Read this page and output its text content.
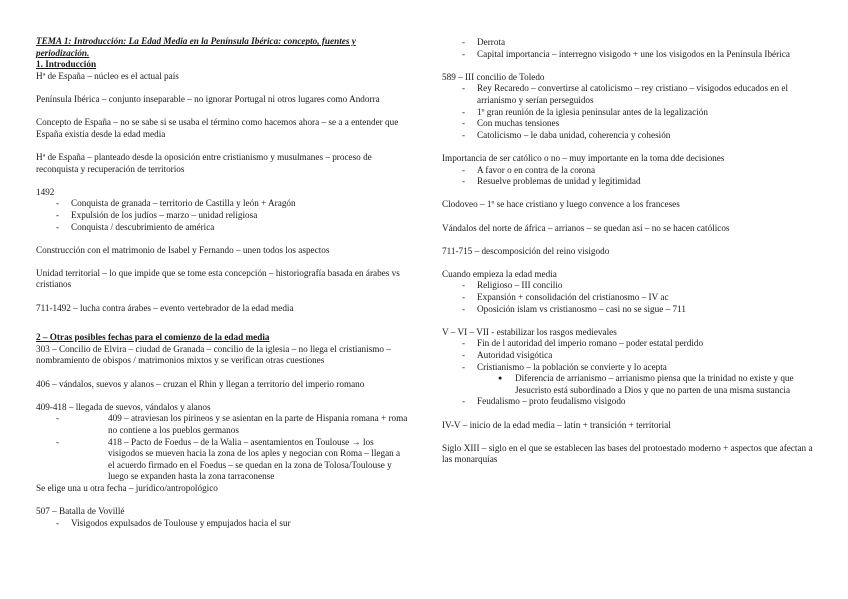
TEMA 1: Introducción: La Edad Media en la Península Ibérica: concepto, fuentes y periodización.

1. Introducción

Hª de España – núcleo es el actual país

Península Ibérica – conjunto inseparable – no ignorar Portugal ni otros lugares como Andorra

Concepto de España – no se sabe si se usaba el término como hacemos ahora – se a a entender que España existía desde la edad media

Hª de España – planteado desde la oposición entre cristianismo y musulmanes – proceso de reconquista y recuperación de territorios

1492

- Conquista de granada – territorio de Castilla y león + Aragón
- Expulsión de los judíos – marzo – unidad religiosa
- Conquista / descubrimiento de américa

Construcción con el matrimonio de Isabel y Fernando – unen todos los aspectos

Unidad territorial – lo que impide que se tome esta concepción – historiografía basada en árabes vs cristianos

711-1492 – lucha contra árabes – evento vertebrador de la edad media

2 – Otras posibles fechas para el comienzo de la edad media

303 – Concilio de Elvira – ciudad de Granada – concilio de la iglesia – no llega el cristianismo – nombramiento de obispos / matrimonios mixtos y se verifican otras cuestiones

406 – vándalos, suevos y alanos – cruzan el Rhin y llegan a territorio del imperio romano

409-418 – llegada de suevos, vándalos y alanos

- 409 – atraviesan los pirineos y se asientan en la parte de Hispania romana + roma no contiene a los pueblos germanos
- 418 – Pacto de Foedus – de la Walia – asentamientos en Toulouse → los visigodos se mueven hacia la zona de los aples y negocian con Roma – llegan a el acuerdo firmado en el Foedus – se quedan en la zona de Tolosa/Toulouse y luego se expanden hasta la zona tarraconense

Se elige una u otra fecha – jurídico/antropológico

507 – Batalla de Vovillé

- Visigodos expulsados de Toulouse y empujados hacia el sur
- Derrota
- Capital importancia – interregno visigodo + une los visigodos en la Península Ibérica

589 – III concilio de Toledo

- Rey Recaredo – convertirse al catolicismo – rey cristiano – visigodos educados en el arrianismo y serían perseguidos
- 1º gran reunión de la iglesia peninsular antes de la legalización
- Con muchas tensiones
- Catolicismo – le daba unidad, coherencia y cohesión

Importancia de ser católico o no – muy importante en la toma dde decisiones

- A favor o en contra de la corona
- Resuelve problemas de unidad y legitimidad

Clodoveo – 1º se hace cristiano y luego convence a los franceses

Vándalos del norte de áfrica – arrianos – se quedan así – no se hacen católicos

711-715 – descomposición del reino visigodo

Cuando empieza la edad media

- Religioso – III concilio
- Expansión + consolidación del cristianosmo – IV ac
- Oposición islam vs cristianosmo – casi no se sigue – 711

V – VI – VII - estabilizar los rasgos medievales

- Fin de l autoridad del imperio romano – poder estatal perdido
- Autoridad visigótica
- Cristianismo – la población se convierte y lo acepta
● Diferencia de arrianismo – arrianismo piensa que la trinidad no existe y que Jesucristo está subordinado a Dios y que no parten de una misma sustancia
- Feudalismo – proto feudalismo visigodo

IV-V – inicio de la edad media – latín + transición + territorial

Siglo XIII – siglo en el que se establecen las bases del protoestado moderno + aspectos que afectan a las monarquías
